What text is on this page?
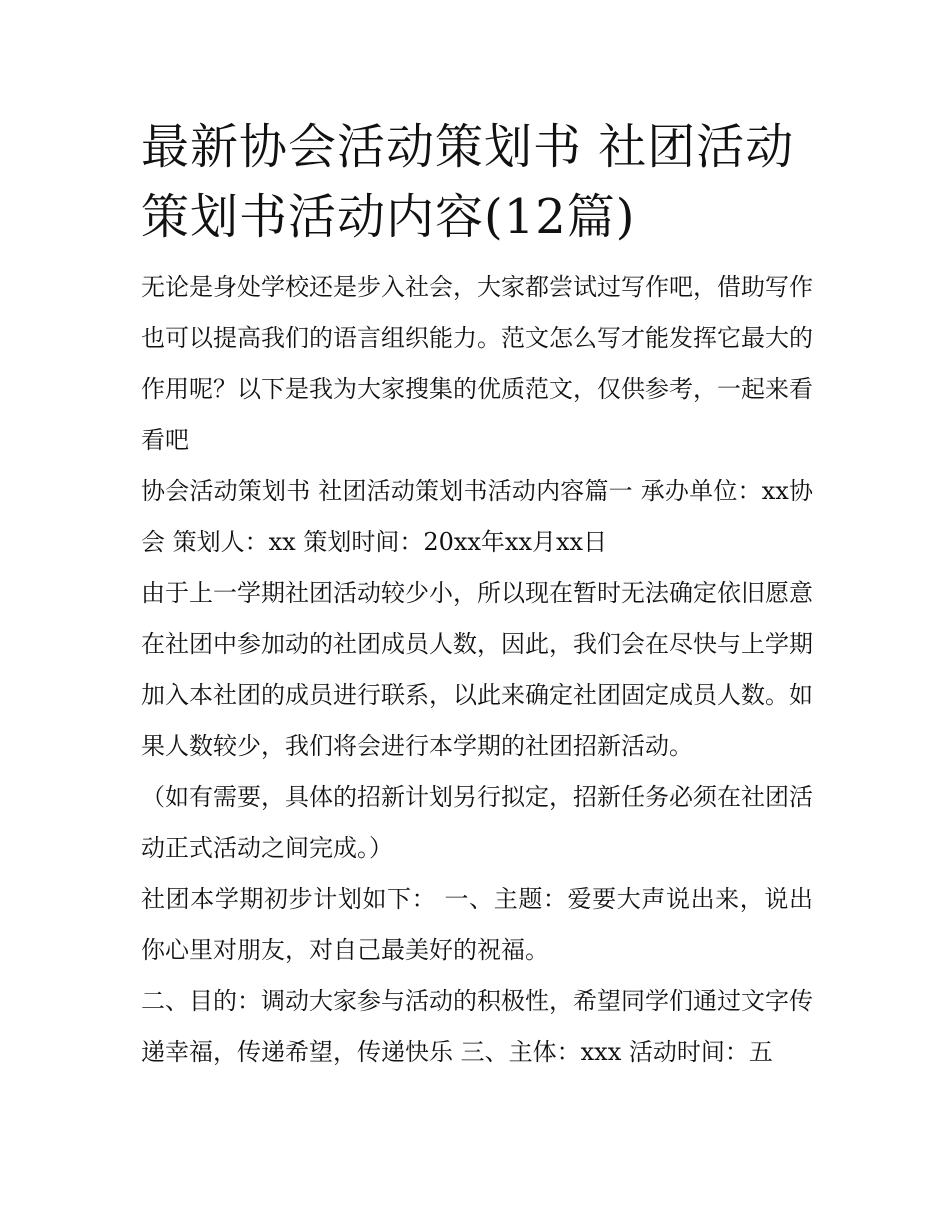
最新协会活动策划书 社团活动策划书活动内容(12篇)

无论是身处学校还是步入社会，大家都尝试过写作吧，借助写作也可以提高我们的语言组织能力。范文怎么写才能发挥它最大的作用呢？以下是我为大家搜集的优质范文，仅供参考，一起来看看吧

协会活动策划书 社团活动策划书活动内容篇一 承办单位：xx协会 策划人：xx 策划时间：20xx年xx月xx日

由于上一学期社团活动较少小，所以现在暂时无法确定依旧愿意在社团中参加动的社团成员人数，因此，我们会在尽快与上学期加入本社团的成员进行联系，以此来确定社团固定成员人数。如果人数较少，我们将会进行本学期的社团招新活动。

（如有需要，具体的招新计划另行拟定，招新任务必须在社团活动正式活动之间完成。）

社团本学期初步计划如下： 一、主题：爱要大声说出来，说出你心里对朋友，对自己最美好的祝福。

二、目的：调动大家参与活动的积极性，希望同学们通过文字传递幸福，传递希望，传递快乐 三、主体：xxx 活动时间：五
